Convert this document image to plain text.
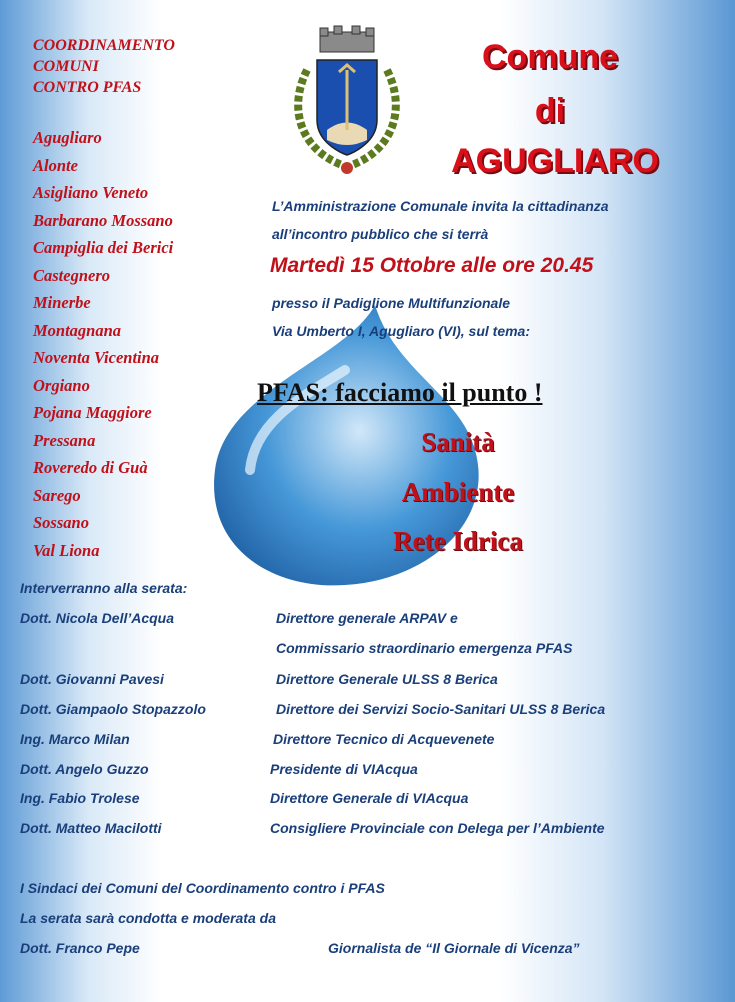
COORDINAMENTO
COMUNI
CONTRO PFAS
Agugliaro
Alonte
Asigliano Veneto
Barbarano Mossano
Campiglia dei Berici
Castegnero
Minerbe
Montagnana
Noventa Vicentina
Orgiano
Pojana Maggiore
Pressana
Roveredo di Guà
Sarego
Sossano
Val Liona
Comune
di
AGUGLIARO
L’Amministrazione Comunale invita la cittadinanza
all’incontro pubblico che si terrà
Martedì 15 Ottobre alle ore 20.45
presso il Padiglione Multifunzionale
Via Umberto I, Agugliaro (VI), sul tema:
PFAS: facciamo il punto !
Sanità
Ambiente
Rete Idrica
Interverranno alla serata:
Dott. Nicola Dell’Acqua	Direttore generale ARPAV e
Commissario straordinario emergenza PFAS
Dott. Giovanni Pavesi	Direttore Generale ULSS 8 Berica
Dott. Giampaolo Stopazzolo	Direttore dei Servizi Socio-Sanitari ULSS 8 Berica
Ing. Marco Milan	Direttore Tecnico di Acquevenete
Dott. Angelo Guzzo	Presidente di VIAcqua
Ing. Fabio Trolese	Direttore Generale di VIAcqua
Dott. Matteo Macilotti	Consigliere Provinciale con Delega per l’Ambiente
I Sindaci dei Comuni del Coordinamento contro i PFAS
La serata sarà condotta e moderata da
Dott. Franco Pepe	Giornalista de “Il Giornale di Vicenza”
